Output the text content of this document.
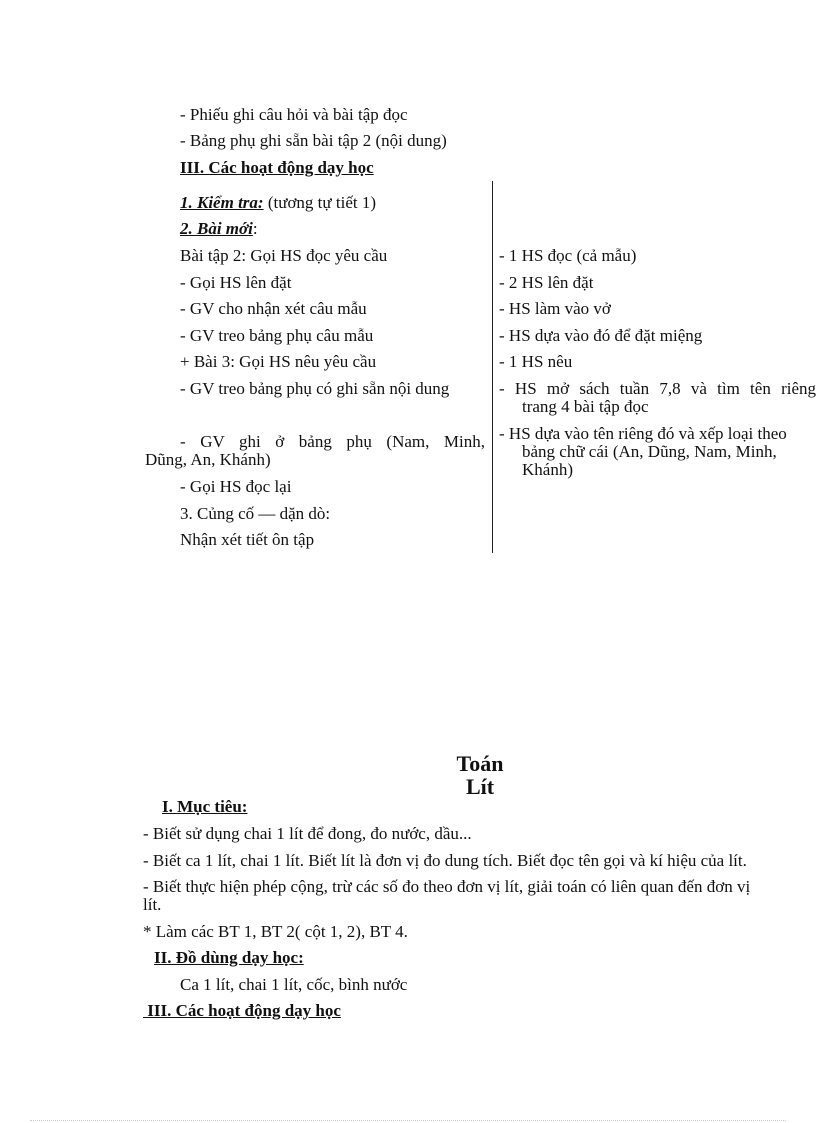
- Phiếu ghi câu hỏi và bài tập đọc
- Bảng phụ ghi sẵn bài tập 2 (nội dung)
III. Các hoạt động dạy học
1. Kiểm tra: (tương tự tiết 1)
2. Bài mới:
Bài tập 2: Gọi HS đọc yêu cầu
- Gọi HS lên đặt
- GV cho nhận xét câu mẫu
- GV treo bảng phụ câu mẫu
+ Bài 3: Gọi HS nêu yêu cầu
- GV treo bảng phụ có ghi sẵn nội dung
- GV ghi ở bảng phụ (Nam, Minh,
Dũng, An, Khánh)
- Gọi HS đọc lại
3. Củng cố — dặn dò:
Nhận xét tiết ôn tập
- 1 HS đọc (cả mẫu)
- 2 HS lên đặt
- HS làm vào vở
- HS dựa vào đó để đặt miệng
- 1 HS nêu
- HS mở sách tuần 7,8 và tìm tên riêng
trang 4 bài tập đọc
- HS dựa vào tên riêng đó và xếp loại theo
bảng chữ cái (An, Dũng, Nam, Minh,
Khánh)
Toán
Lít
I. Mục tiêu:
- Biết sử dụng chai 1 lít để đong, đo nước, dầu...
- Biết ca 1 lít, chai 1 lít. Biết lít là đơn vị đo dung tích. Biết đọc tên gọi và kí hiệu của lít.
- Biết thực hiện phép cộng, trừ các số đo theo đơn vị lít, giải toán có liên quan đến đơn vị
lít.
* Làm các BT 1, BT 2( cột 1, 2), BT 4.
II. Đồ dùng dạy học:
Ca 1 lít, chai 1 lít, cốc, bình nước
III. Các hoạt động dạy học
